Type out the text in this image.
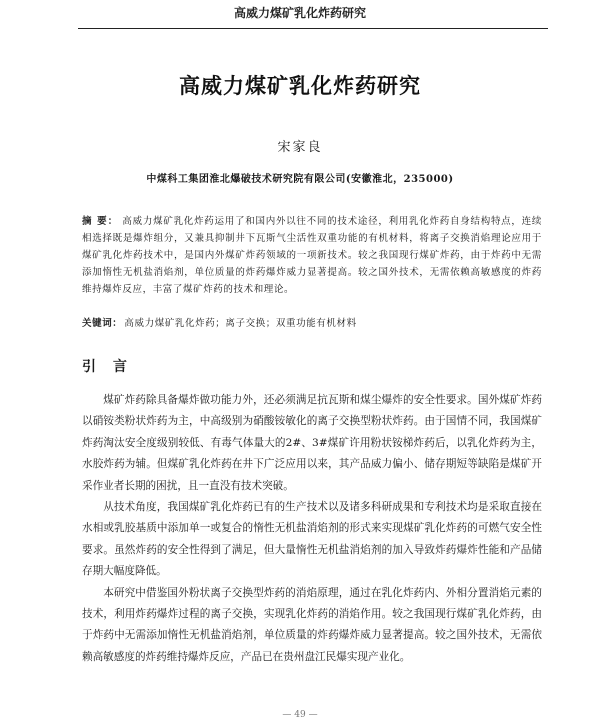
高威力煤矿乳化炸药研究
高威力煤矿乳化炸药研究
宋家良
中煤科工集团淮北爆破技术研究院有限公司(安徽淮北，235000)
摘 要： 高威力煤矿乳化炸药运用了和国内外以往不同的技术途径，利用乳化炸药自身结构特点，连续相选择既是爆炸组分，又兼具抑制井下瓦斯气尘活性双重功能的有机材料，将离子交换消焰理论应用于煤矿乳化炸药技术中，是国内外煤矿炸药领域的一项新技术。较之我国现行煤矿炸药，由于炸药中无需添加惰性无机盐消焰剂，单位质量的炸药爆炸威力显著提高。较之国外技术，无需依赖高敏感度的炸药维持爆炸反应，丰富了煤矿炸药的技术和理论。
关键词： 高威力煤矿乳化炸药；离子交换；双重功能有机材料
引 言

煤矿炸药除具备爆炸做功能力外，还必须满足抗瓦斯和煤尘爆炸的安全性要求。国外煤矿炸药以硝铵类粉状炸药为主，中高级别为硝酸铵敏化的离子交换型粉状炸药。由于国情不同，我国煤矿炸药淘汰安全度级别较低、有毒气体量大的2#、3#煤矿许用粉状铵梯炸药后，以乳化炸药为主，水胶炸药为辅。但煤矿乳化炸药在井下广泛应用以来，其产品威力偏小、储存期短等缺陷是煤矿开采作业者长期的困扰，且一直没有技术突破。

从技术角度，我国煤矿乳化炸药已有的生产技术以及诸多科研成果和专利技术均是采取直接在水相或乳胶基质中添加单一或复合的惰性无机盐消焰剂的形式来实现煤矿乳化炸药的可燃气安全性要求。虽然炸药的安全性得到了满足，但大量惰性无机盐消焰剂的加入导致炸药爆炸性能和产品储存期大幅度降低。

本研究中借鉴国外粉状离子交换型炸药的消焰原理，通过在乳化炸药内、外相分置消焰元素的技术，利用炸药爆炸过程的离子交换，实现乳化炸药的消焰作用。较之我国现行煤矿乳化炸药，由于炸药中无需添加惰性无机盐消焰剂，单位质量的炸药爆炸威力显著提高。较之国外技术，无需依赖高敏感度的炸药维持爆炸反应，产品已在贵州盘江民爆实现产业化。

— 49 —
